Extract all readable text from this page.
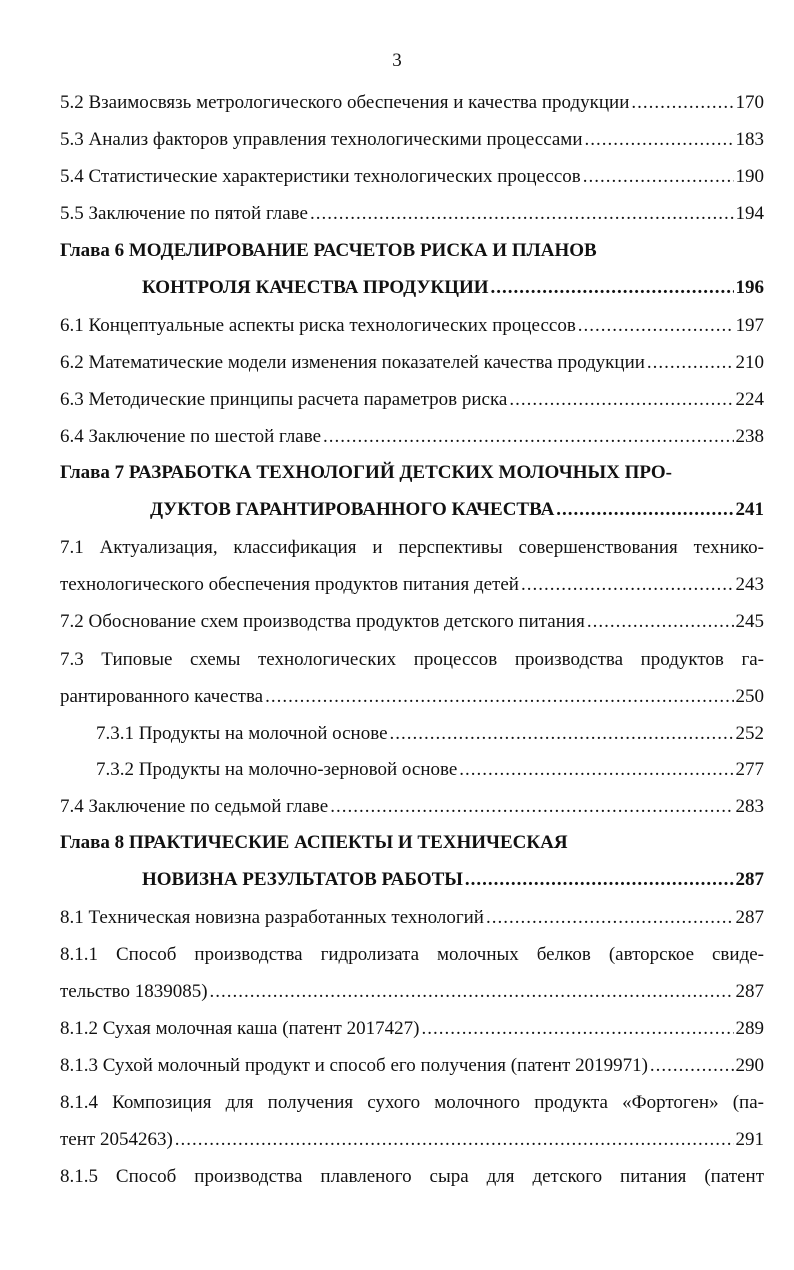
3
5.2 Взаимосвязь метрологического обеспечения и качества продукции .....	170
5.3 Анализ факторов управления технологическими процессами .....	183
5.4 Статистические характеристики технологических процессов .....	190
5.5 Заключение по пятой главе .....	194
Глава 6 МОДЕЛИРОВАНИЕ РАСЧЕТОВ РИСКА И ПЛАНОВ
КОНТРОЛЯ КАЧЕСТВА ПРОДУКЦИИ .....	196
6.1 Концептуальные аспекты риска технологических процессов .....	197
6.2 Математические модели изменения показателей качества продукции .....	210
6.3 Методические принципы расчета параметров риска .....	224
6.4 Заключение по шестой главе .....	238
Глава 7 РАЗРАБОТКА ТЕХНОЛОГИЙ ДЕТСКИХ МОЛОЧНЫХ ПРО-
ДУКТОВ ГАРАНТИРОВАННОГО КАЧЕСТВА .....	241
7.1 Актуализация, классификация и перспективы совершенствования технико-
технологического обеспечения продуктов питания детей .....	243
7.2 Обоснование схем производства продуктов детского питания .....	245
7.3 Типовые схемы технологических процессов производства продуктов га-
рантированного качества .....	250
7.3.1 Продукты на молочной основе .....	252
7.3.2 Продукты на молочно-зерновой основе .....	277
7.4 Заключение по седьмой главе .....	283
Глава 8 ПРАКТИЧЕСКИЕ АСПЕКТЫ И ТЕХНИЧЕСКАЯ
НОВИЗНА РЕЗУЛЬТАТОВ РАБОТЫ .....	287
8.1 Техническая новизна разработанных технологий .....	287
8.1.1 Способ производства гидролизата молочных белков (авторское свиде-
тельство 1839085) .....	287
8.1.2 Сухая молочная каша (патент 2017427) .....	289
8.1.3 Сухой молочный продукт и способ его получения (патент 2019971) .....	290
8.1.4 Композиция для получения сухого молочного продукта «Фортоген» (па-
тент 2054263) .....	291
8.1.5 Способ производства плавленого сыра для детского питания (патент
